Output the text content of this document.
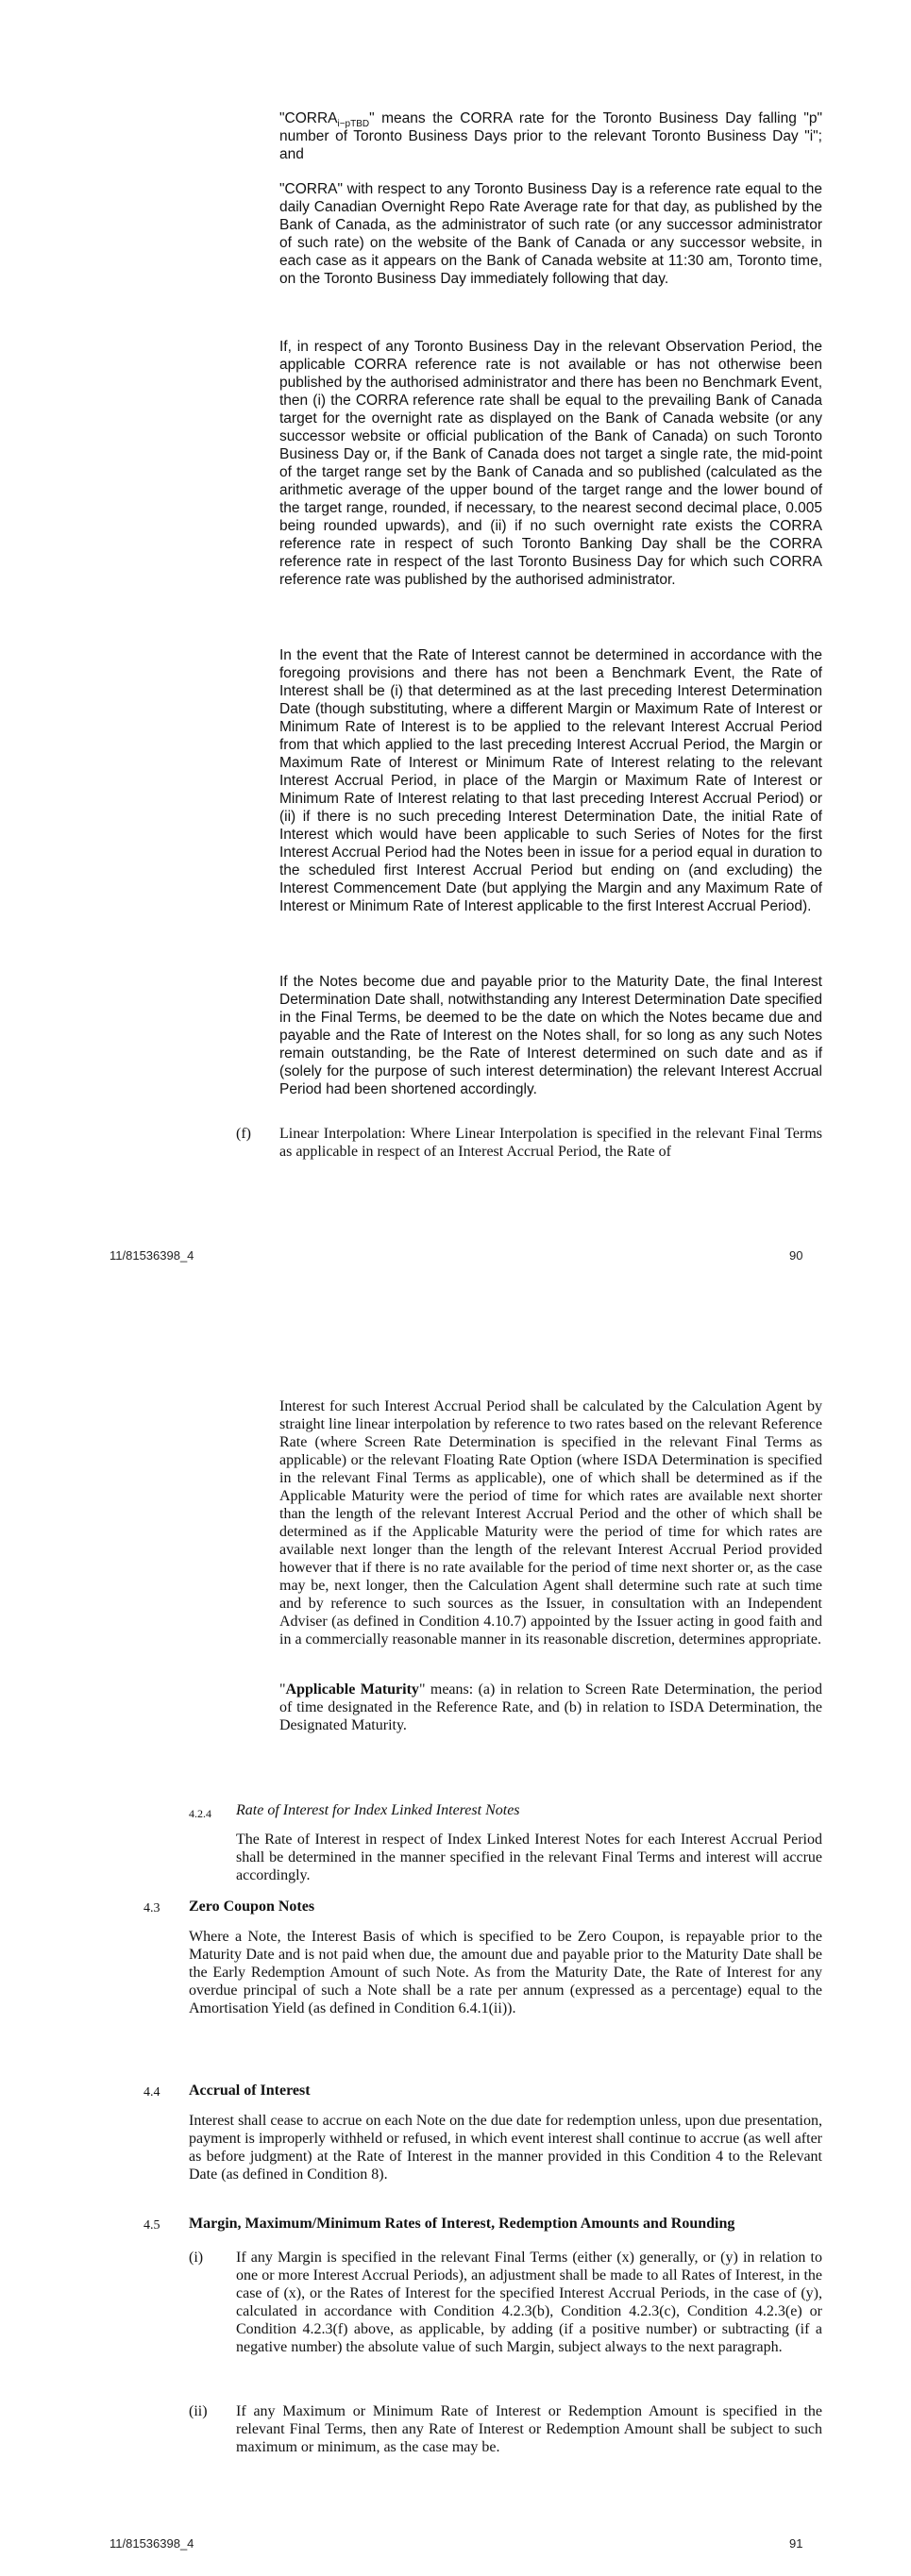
"$CORRA_{i-pTBD}$" means the CORRA rate for the Toronto Business Day falling "p" number of Toronto Business Days prior to the relevant Toronto Business Day "i"; and

"CORRA" with respect to any Toronto Business Day is a reference rate equal to the daily Canadian Overnight Repo Rate Average rate for that day, as published by the Bank of Canada, as the administrator of such rate (or any successor administrator of such rate) on the website of the Bank of Canada or any successor website, in each case as it appears on the Bank of Canada website at 11:30 am, Toronto time, on the Toronto Business Day immediately following that day.

If, in respect of any Toronto Business Day in the relevant Observation Period, the applicable CORRA reference rate is not available or has not otherwise been published by the authorised administrator and there has been no Benchmark Event, then (i) the CORRA reference rate shall be equal to the prevailing Bank of Canada target for the overnight rate as displayed on the Bank of Canada website (or any successor website or official publication of the Bank of Canada) on such Toronto Business Day or, if the Bank of Canada does not target a single rate, the mid-point of the target range set by the Bank of Canada and so published (calculated as the arithmetic average of the upper bound of the target range and the lower bound of the target range, rounded, if necessary, to the nearest second decimal place, 0.005 being rounded upwards), and (ii) if no such overnight rate exists the CORRA reference rate in respect of such Toronto Banking Day shall be the CORRA reference rate in respect of the last Toronto Business Day for which such CORRA reference rate was published by the authorised administrator.

In the event that the Rate of Interest cannot be determined in accordance with the foregoing provisions and there has not been a Benchmark Event, the Rate of Interest shall be (i) that determined as at the last preceding Interest Determination Date (though substituting, where a different Margin or Maximum Rate of Interest or Minimum Rate of Interest is to be applied to the relevant Interest Accrual Period from that which applied to the last preceding Interest Accrual Period, the Margin or Maximum Rate of Interest or Minimum Rate of Interest relating to the relevant Interest Accrual Period, in place of the Margin or Maximum Rate of Interest or Minimum Rate of Interest relating to that last preceding Interest Accrual Period) or (ii) if there is no such preceding Interest Determination Date, the initial Rate of Interest which would have been applicable to such Series of Notes for the first Interest Accrual Period had the Notes been in issue for a period equal in duration to the scheduled first Interest Accrual Period but ending on (and excluding) the Interest Commencement Date (but applying the Margin and any Maximum Rate of Interest or Minimum Rate of Interest applicable to the first Interest Accrual Period).

If the Notes become due and payable prior to the Maturity Date, the final Interest Determination Date shall, notwithstanding any Interest Determination Date specified in the Final Terms, be deemed to be the date on which the Notes became due and payable and the Rate of Interest on the Notes shall, for so long as any such Notes remain outstanding, be the Rate of Interest determined on such date and as if (solely for the purpose of such interest determination) the relevant Interest Accrual Period had been shortened accordingly.

(f) Linear Interpolation: Where Linear Interpolation is specified in the relevant Final Terms as applicable in respect of an Interest Accrual Period, the Rate of

11/81536398_4	90

Interest for such Interest Accrual Period shall be calculated by the Calculation Agent by straight line linear interpolation by reference to two rates based on the relevant Reference Rate (where Screen Rate Determination is specified in the relevant Final Terms as applicable) or the relevant Floating Rate Option (where ISDA Determination is specified in the relevant Final Terms as applicable), one of which shall be determined as if the Applicable Maturity were the period of time for which rates are available next shorter than the length of the relevant Interest Accrual Period and the other of which shall be determined as if the Applicable Maturity were the period of time for which rates are available next longer than the length of the relevant Interest Accrual Period provided however that if there is no rate available for the period of time next shorter or, as the case may be, next longer, then the Calculation Agent shall determine such rate at such time and by reference to such sources as the Issuer, in consultation with an Independent Adviser (as defined in Condition 4.10.7) appointed by the Issuer acting in good faith and in a commercially reasonable manner in its reasonable discretion, determines appropriate.

"Applicable Maturity" means: (a) in relation to Screen Rate Determination, the period of time designated in the Reference Rate, and (b) in relation to ISDA Determination, the Designated Maturity.

4.2.4 Rate of Interest for Index Linked Interest Notes

The Rate of Interest in respect of Index Linked Interest Notes for each Interest Accrual Period shall be determined in the manner specified in the relevant Final Terms and interest will accrue accordingly.

4.3 Zero Coupon Notes

Where a Note, the Interest Basis of which is specified to be Zero Coupon, is repayable prior to the Maturity Date and is not paid when due, the amount due and payable prior to the Maturity Date shall be the Early Redemption Amount of such Note. As from the Maturity Date, the Rate of Interest for any overdue principal of such a Note shall be a rate per annum (expressed as a percentage) equal to the Amortisation Yield (as defined in Condition 6.4.1(ii)).

4.4 Accrual of Interest

Interest shall cease to accrue on each Note on the due date for redemption unless, upon due presentation, payment is improperly withheld or refused, in which event interest shall continue to accrue (as well after as before judgment) at the Rate of Interest in the manner provided in this Condition 4 to the Relevant Date (as defined in Condition 8).

4.5 Margin, Maximum/Minimum Rates of Interest, Redemption Amounts and Rounding
(i) If any Margin is specified in the relevant Final Terms (either (x) generally, or (y) in relation to one or more Interest Accrual Periods), an adjustment shall be made to all Rates of Interest, in the case of (x), or the Rates of Interest for the specified Interest Accrual Periods, in the case of (y), calculated in accordance with Condition 4.2.3(b), Condition 4.2.3(c), Condition 4.2.3(e) or Condition 4.2.3(f) above, as applicable, by adding (if a positive number) or subtracting (if a negative number) the absolute value of such Margin, subject always to the next paragraph.

(ii) If any Maximum or Minimum Rate of Interest or Redemption Amount is specified in the relevant Final Terms, then any Rate of Interest or Redemption Amount shall be subject to such maximum or minimum, as the case may be.

11/81536398_4	91
